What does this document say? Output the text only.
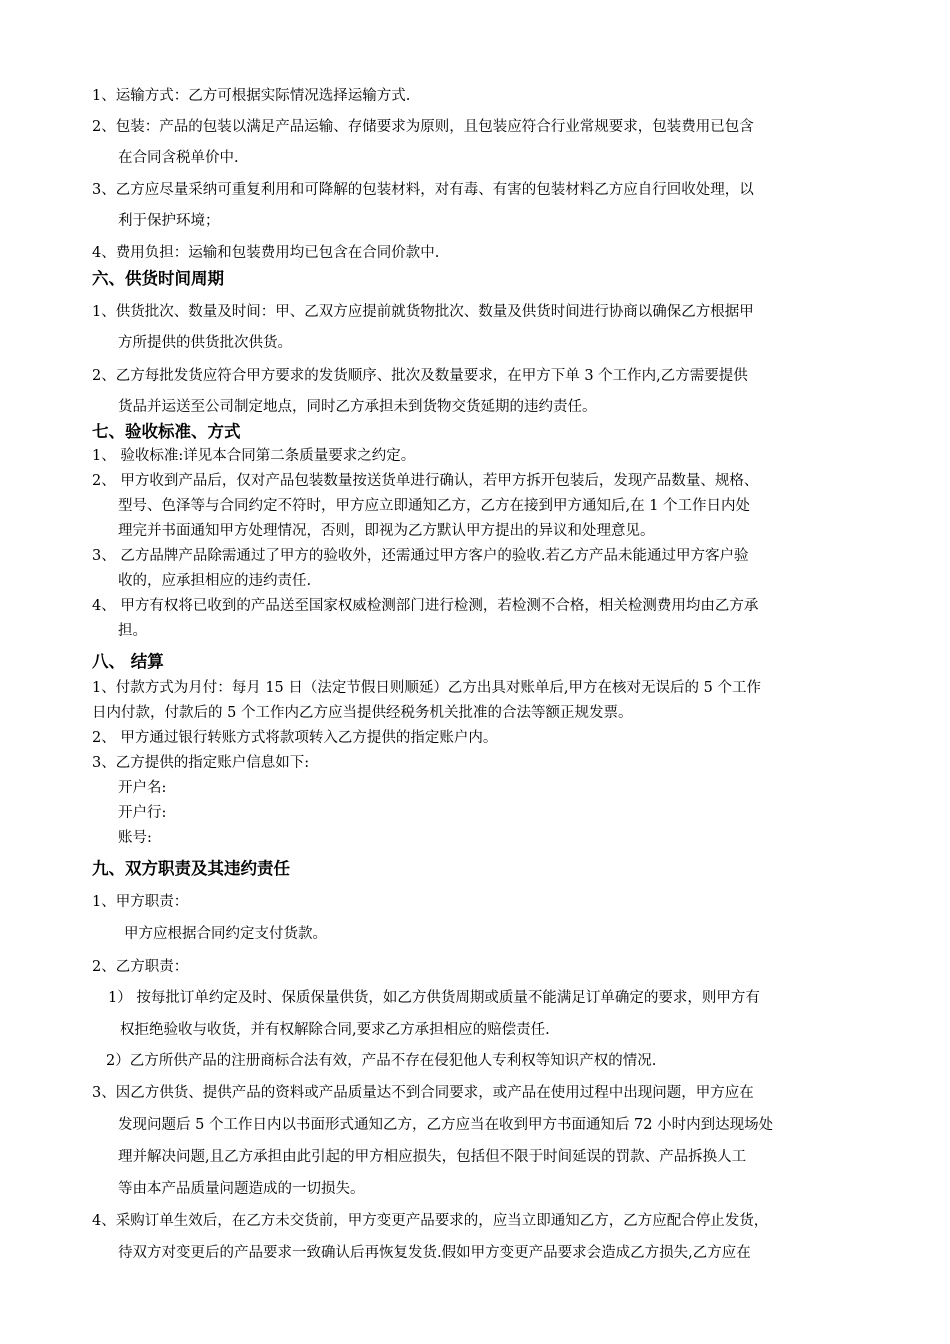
1、运输方式：乙方可根据实际情况选择运输方式.
2、包装：产品的包装以满足产品运输、存储要求为原则，且包装应符合行业常规要求，包装费用已包含
在合同含税单价中.
3、乙方应尽量采纳可重复利用和可降解的包装材料，对有毒、有害的包装材料乙方应自行回收处理，以
利于保护环境；
4、费用负担：运输和包装费用均已包含在合同价款中.
六、供货时间周期
1、供货批次、数量及时间：甲、乙双方应提前就货物批次、数量及供货时间进行协商以确保乙方根据甲
方所提供的供货批次供货。
2、乙方每批发货应符合甲方要求的发货顺序、批次及数量要求，在甲方下单 3 个工作内,乙方需要提供
货品并运送至公司制定地点，同时乙方承担未到货物交货延期的违约责任。
七、验收标准、方式
1、 验收标准:详见本合同第二条质量要求之约定。
2、 甲方收到产品后，仅对产品包装数量按送货单进行确认，若甲方拆开包装后，发现产品数量、规格、
型号、色泽等与合同约定不符时，甲方应立即通知乙方，乙方在接到甲方通知后,在 1 个工作日内处
理完并书面通知甲方处理情况，否则，即视为乙方默认甲方提出的异议和处理意见。
3、 乙方品牌产品除需通过了甲方的验收外，还需通过甲方客户的验收.若乙方产品未能通过甲方客户验
收的，应承担相应的违约责任.
4、 甲方有权将已收到的产品送至国家权威检测部门进行检测，若检测不合格，相关检测费用均由乙方承
担。
八、 结算
1、付款方式为月付：每月 15 日（法定节假日则顺延）乙方出具对账单后,甲方在核对无误后的 5 个工作
日内付款，付款后的 5 个工作内乙方应当提供经税务机关批准的合法等额正规发票。
2、 甲方通过银行转账方式将款项转入乙方提供的指定账户内。
3、乙方提供的指定账户信息如下:
开户名:
开户行:
账号:
九、双方职责及其违约责任
1、甲方职责：
甲方应根据合同约定支付货款。
2、乙方职责：
1） 按每批订单约定及时、保质保量供货，如乙方供货周期或质量不能满足订单确定的要求，则甲方有
权拒绝验收与收货，并有权解除合同,要求乙方承担相应的赔偿责任.
2）乙方所供产品的注册商标合法有效，产品不存在侵犯他人专利权等知识产权的情况.
3、因乙方供货、提供产品的资料或产品质量达不到合同要求，或产品在使用过程中出现问题，甲方应在
发现问题后 5 个工作日内以书面形式通知乙方，乙方应当在收到甲方书面通知后 72 小时内到达现场处
理并解决问题,且乙方承担由此引起的甲方相应损失，包括但不限于时间延误的罚款、产品拆换人工
等由本产品质量问题造成的一切损失。
4、采购订单生效后，在乙方未交货前，甲方变更产品要求的，应当立即通知乙方，乙方应配合停止发货，
待双方对变更后的产品要求一致确认后再恢复发货.假如甲方变更产品要求会造成乙方损失,乙方应在
